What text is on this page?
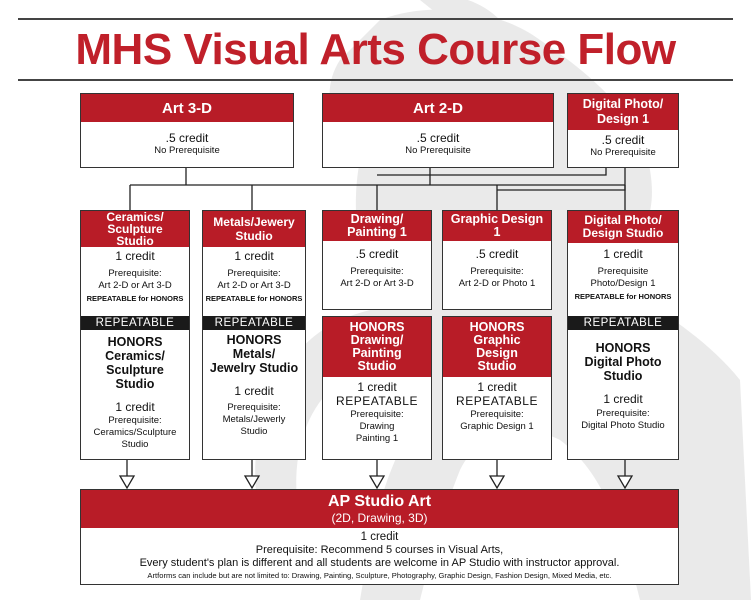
MHS Visual Arts Course Flow
Art 3-D

.5 credit

No Prerequisite

Art 2-D

.5 credit

No Prerequisite

Digital Photo/
Design 1

.5 credit

No Prerequisite

Ceramics/
Sculpture
Studio

1 credit

Prerequisite:

Art 2-D or Art 3-D

REPEATABLE for HONORS

REPEATABLE

HONORS
Ceramics/
Sculpture
Studio

1 credit

Prerequisite:

Ceramics/Sculpture
Studio

Metals/Jewery
Studio

1 credit

Prerequisite:

Art 2-D or Art 3-D

REPEATABLE for HONORS

REPEATABLE

HONORS
Metals/
Jewelry Studio

1 credit

Prerequisite:

Metals/Jewerly
Studio

Drawing/
Painting 1

.5 credit

Prerequisite:

Art 2-D or Art 3-D

HONORS
Drawing/
Painting
Studio

1 credit

REPEATABLE

Prerequisite:

Drawing
Painting 1

Graphic Design
1

.5 credit

Prerequisite:

Art 2-D or Photo 1

HONORS
Graphic
Design
Studio

1 credit

REPEATABLE

Prerequisite:

Graphic Design 1

Digital Photo/
Design Studio

1 credit

Prerequisite

Photo/Design 1

REPEATABLE for HONORS

REPEATABLE

HONORS
Digital Photo
Studio

1 credit

Prerequisite:

Digital Photo Studio

AP Studio Art

(2D, Drawing, 3D)

1 credit

Prerequisite: Recommend 5 courses in Visual Arts,

Every student's plan is different and all students are welcome in AP Studio with instructor approval.

Artforms can include but are not limited to: Drawing, Painting, Sculpture, Photography, Graphic Design, Fashion Design, Mixed Media, etc.
